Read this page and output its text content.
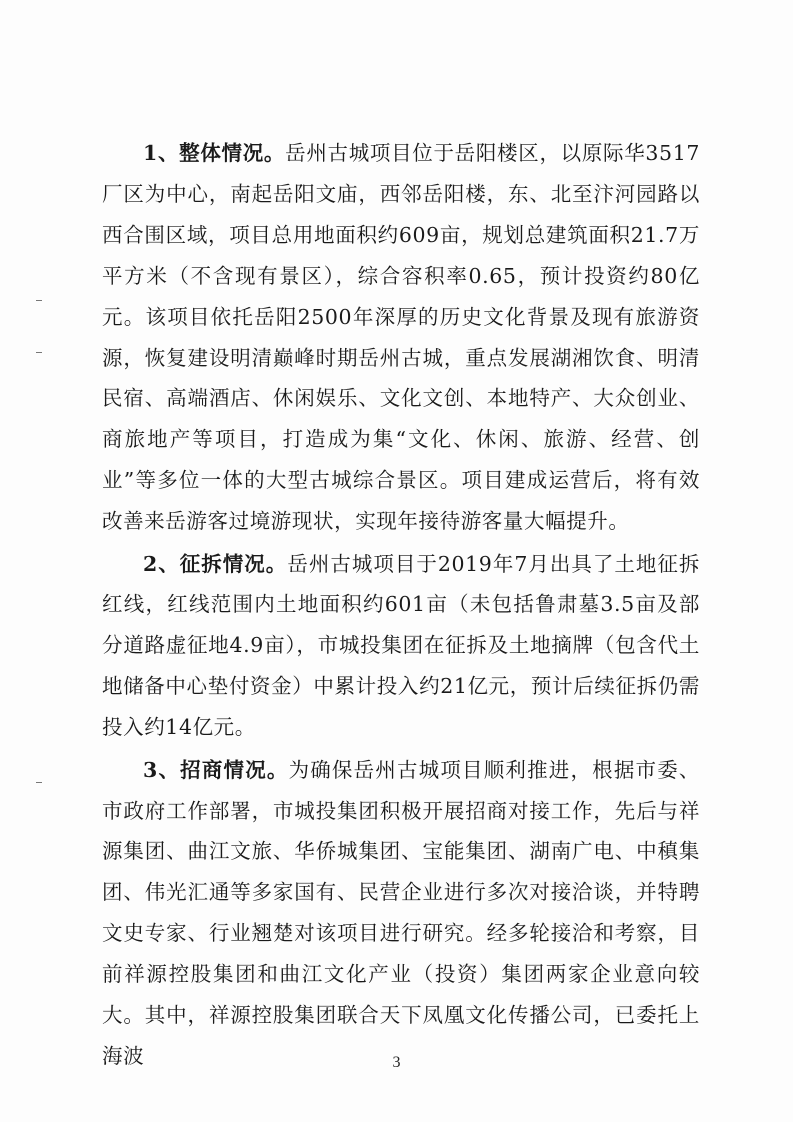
1、整体情况。岳州古城项目位于岳阳楼区，以原际华3517厂区为中心，南起岳阳文庙，西邻岳阳楼，东、北至汴河园路以西合围区域，项目总用地面积约609亩，规划总建筑面积21.7万平方米（不含现有景区），综合容积率0.65，预计投资约80亿元。该项目依托岳阳2500年深厚的历史文化背景及现有旅游资源，恢复建设明清巅峰时期岳州古城，重点发展湖湘饮食、明清民宿、高端酒店、休闲娱乐、文化文创、本地特产、大众创业、商旅地产等项目，打造成为集“文化、休闲、旅游、经营、创业”等多位一体的大型古城综合景区。项目建成运营后，将有效改善来岳游客过境游现状，实现年接待游客量大幅提升。

2、征拆情况。岳州古城项目于2019年7月出具了土地征拆红线，红线范围内土地面积约601亩（未包括鲁肃墓3.5亩及部分道路虚征地4.9亩），市城投集团在征拆及土地摘牌（包含代土地储备中心垫付资金）中累计投入约21亿元，预计后续征拆仍需投入约14亿元。

3、招商情况。为确保岳州古城项目顺利推进，根据市委、市政府工作部署，市城投集团积极开展招商对接工作，先后与祥源集团、曲江文旅、华侨城集团、宝能集团、湖南广电、中稹集团、伟光汇通等多家国有、民营企业进行多次对接洽谈，并特聘文史专家、行业翘楚对该项目进行研究。经多轮接洽和考察，目前祥源控股集团和曲江文化产业（投资）集团两家企业意向较大。其中，祥源控股集团联合天下凤凰文化传播公司，已委托上海波	3
